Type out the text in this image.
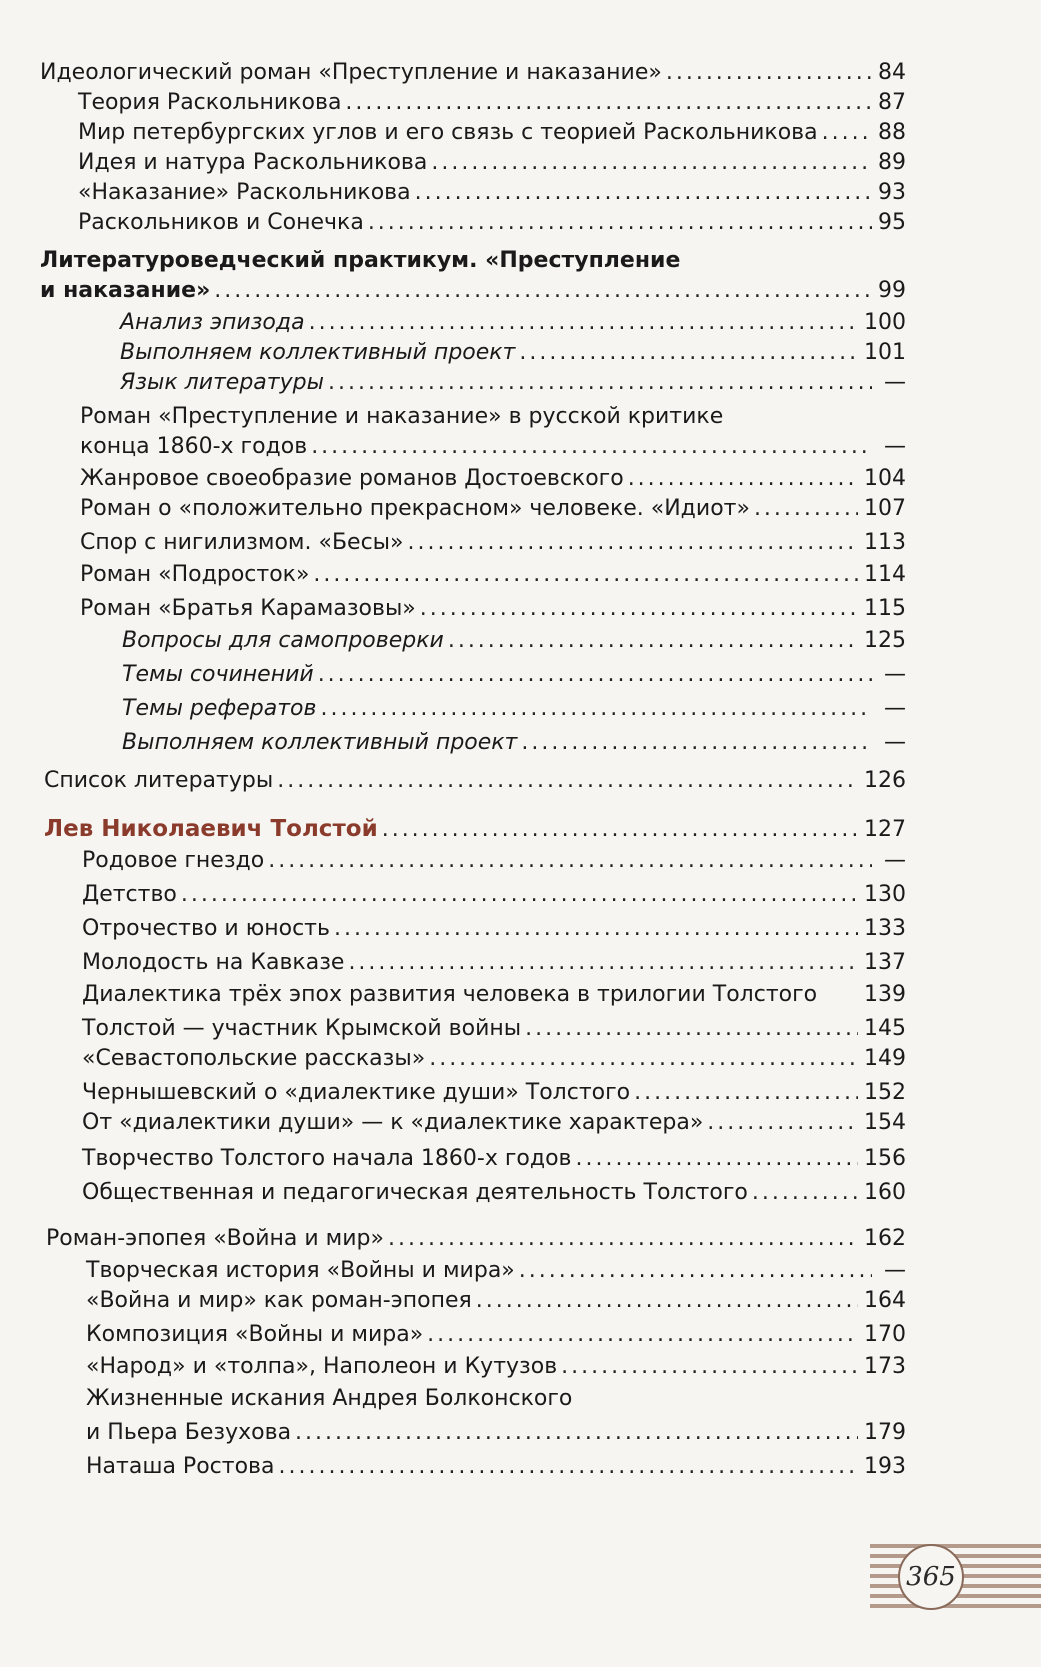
Идеологический роман «Преступление и наказание» .....	84
Теория Раскольникова .....	87
Мир петербургских углов и его связь с теорией Раскольникова .....	88
Идея и натура Раскольникова .....	89
«Наказание» Раскольникова .....	93
Раскольников и Сонечка .....	95
Литературоведческий практикум. «Преступление
и наказание» .....	99
Анализ эпизода .....	100
Выполняем коллективный проект .....	101
Язык литературы .....	—
Роман «Преступление и наказание» в русской критике
конца 1860-х годов .....	—
Жанровое своеобразие романов Достоевского .....	104
Роман о «положительно прекрасном» человеке. «Идиот» .....	107
Спор с нигилизмом. «Бесы» .....	113
Роман «Подросток» .....	114
Роман «Братья Карамазовы» .....	115
Вопросы для самопроверки .....	125
Темы сочинений .....	—
Темы рефератов .....	—
Выполняем коллективный проект .....	—
Список литературы .....	126
Лев Николаевич Толстой .....	127
Родовое гнездо .....	—
Детство .....	130
Отрочество и юность .....	133
Молодость на Кавказе .....	137
Диалектика трёх эпох развития человека в трилогии Толстого 139
Толстой — участник Крымской войны .....	145
«Севастопольские рассказы» .....	149
Чернышевский о «диалектике души» Толстого .....	152
От «диалектики души» — к «диалектике характера» .....	154
Творчество Толстого начала 1860-х годов .....	156
Общественная и педагогическая деятельность Толстого .....	160
Роман-эпопея «Война и мир» .....	162
Творческая история «Войны и мира» .....	—
«Война и мир» как роман-эпопея .....	164
Композиция «Войны и мира» .....	170
«Народ» и «толпа», Наполеон и Кутузов .....	173
Жизненные искания Андрея Болконского
и Пьера Безухова .....	179
Наташа Ростова .....	193
365
